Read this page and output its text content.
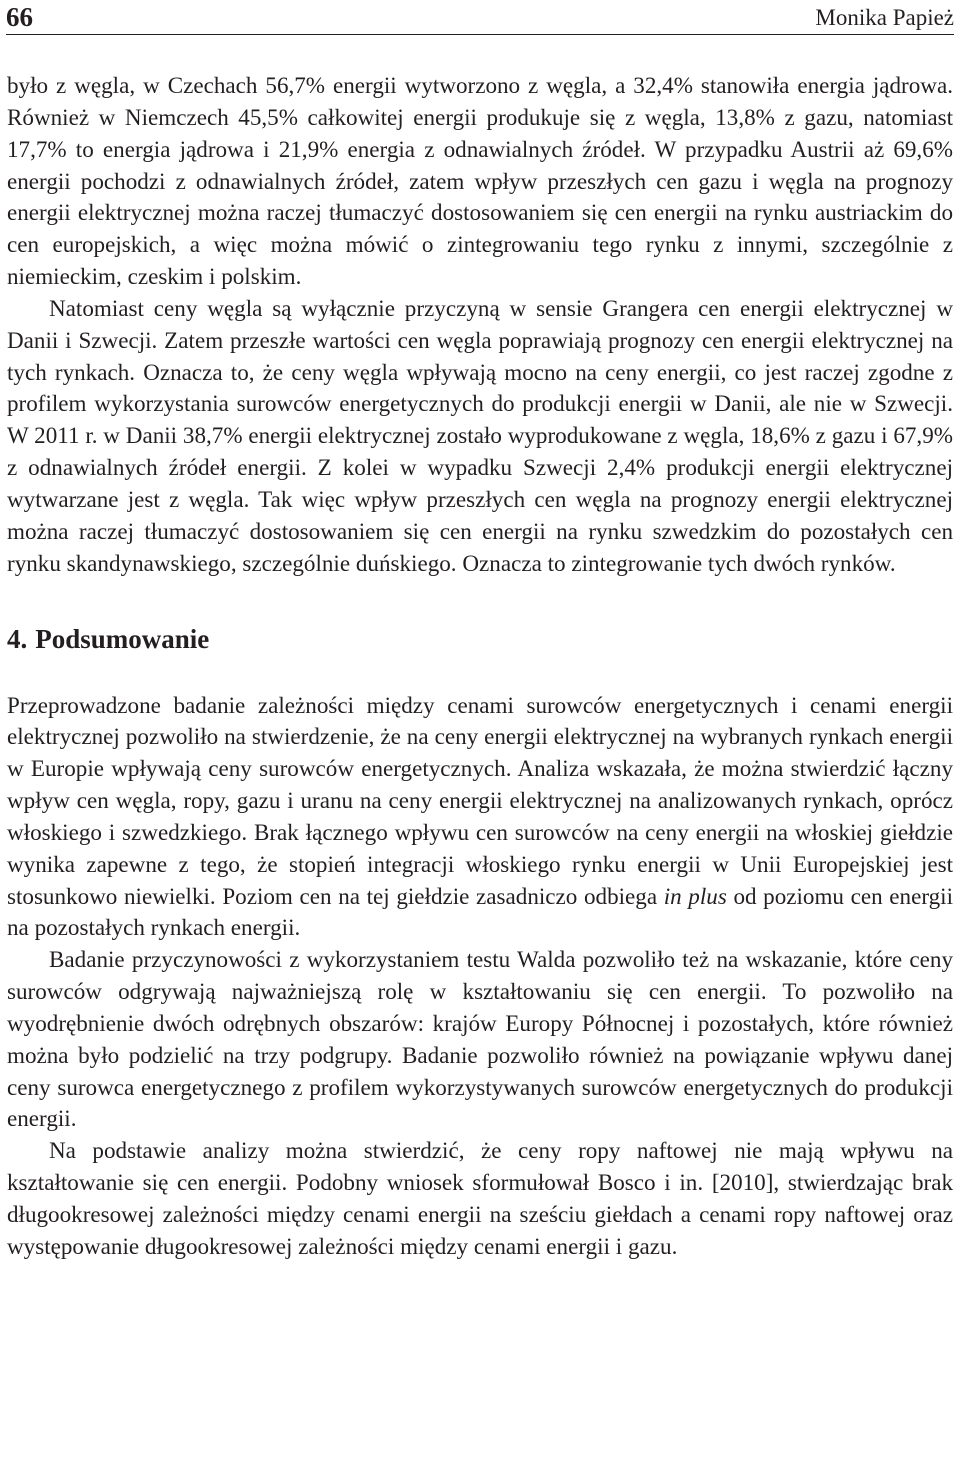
66	Monika Papież

było z węgla, w Czechach 56,7% energii wytworzono z węgla, a 32,4% stanowiła energia jądrowa. Również w Niemczech 45,5% całkowitej energii produkuje się z węgla, 13,8% z gazu, natomiast 17,7% to energia jądrowa i 21,9% energia z odnawialnych źródeł. W przypadku Austrii aż 69,6% energii pochodzi z odnawialnych źródeł, zatem wpływ przeszłych cen gazu i węgla na prognozy energii elektrycznej można raczej tłumaczyć dostosowaniem się cen energii na rynku austriackim do cen europejskich, a więc można mówić o zintegrowaniu tego rynku z innymi, szczególnie z niemieckim, czeskim i polskim.

Natomiast ceny węgla są wyłącznie przyczyną w sensie Grangera cen energii elektrycznej w Danii i Szwecji. Zatem przeszłe wartości cen węgla poprawiają prognozy cen energii elektrycznej na tych rynkach. Oznacza to, że ceny węgla wpływają mocno na ceny energii, co jest raczej zgodne z profilem wykorzystania surowców energetycznych do produkcji energii w Danii, ale nie w Szwecji. W 2011 r. w Danii 38,7% energii elektrycznej zostało wyprodukowane z węgla, 18,6% z gazu i 67,9% z odnawialnych źródeł energii. Z kolei w wypadku Szwecji 2,4% produkcji energii elektrycznej wytwarzane jest z węgla. Tak więc wpływ przeszłych cen węgla na prognozy energii elektrycznej można raczej tłumaczyć dostosowaniem się cen energii na rynku szwedzkim do pozostałych cen rynku skandynawskiego, szczególnie duńskiego. Oznacza to zintegrowanie tych dwóch rynków.

4. Podsumowanie

Przeprowadzone badanie zależności między cenami surowców energetycznych i cenami energii elektrycznej pozwoliło na stwierdzenie, że na ceny energii elektrycznej na wybranych rynkach energii w Europie wpływają ceny surowców energetycznych. Analiza wskazała, że można stwierdzić łączny wpływ cen węgla, ropy, gazu i uranu na ceny energii elektrycznej na analizowanych rynkach, oprócz włoskiego i szwedzkiego. Brak łącznego wpływu cen surowców na ceny energii na włoskiej giełdzie wynika zapewne z tego, że stopień integracji włoskiego rynku energii w Unii Europejskiej jest stosunkowo niewielki. Poziom cen na tej giełdzie zasadniczo odbiega in plus od poziomu cen energii na pozostałych rynkach energii.

Badanie przyczynowości z wykorzystaniem testu Walda pozwoliło też na wskazanie, które ceny surowców odgrywają najważniejszą rolę w kształtowaniu się cen energii. To pozwoliło na wyodrębnienie dwóch odrębnych obszarów: krajów Europy Północnej i pozostałych, które również można było podzielić na trzy podgrupy. Badanie pozwoliło również na powiązanie wpływu danej ceny surowca energetycznego z profilem wykorzystywanych surowców energetycznych do produkcji energii.

Na podstawie analizy można stwierdzić, że ceny ropy naftowej nie mają wpływu na kształtowanie się cen energii. Podobny wniosek sformułował Bosco i in. [2010], stwierdzając brak długookresowej zależności między cenami energii na sześciu giełdach a cenami ropy naftowej oraz występowanie długookresowej zależności między cenami energii i gazu.
